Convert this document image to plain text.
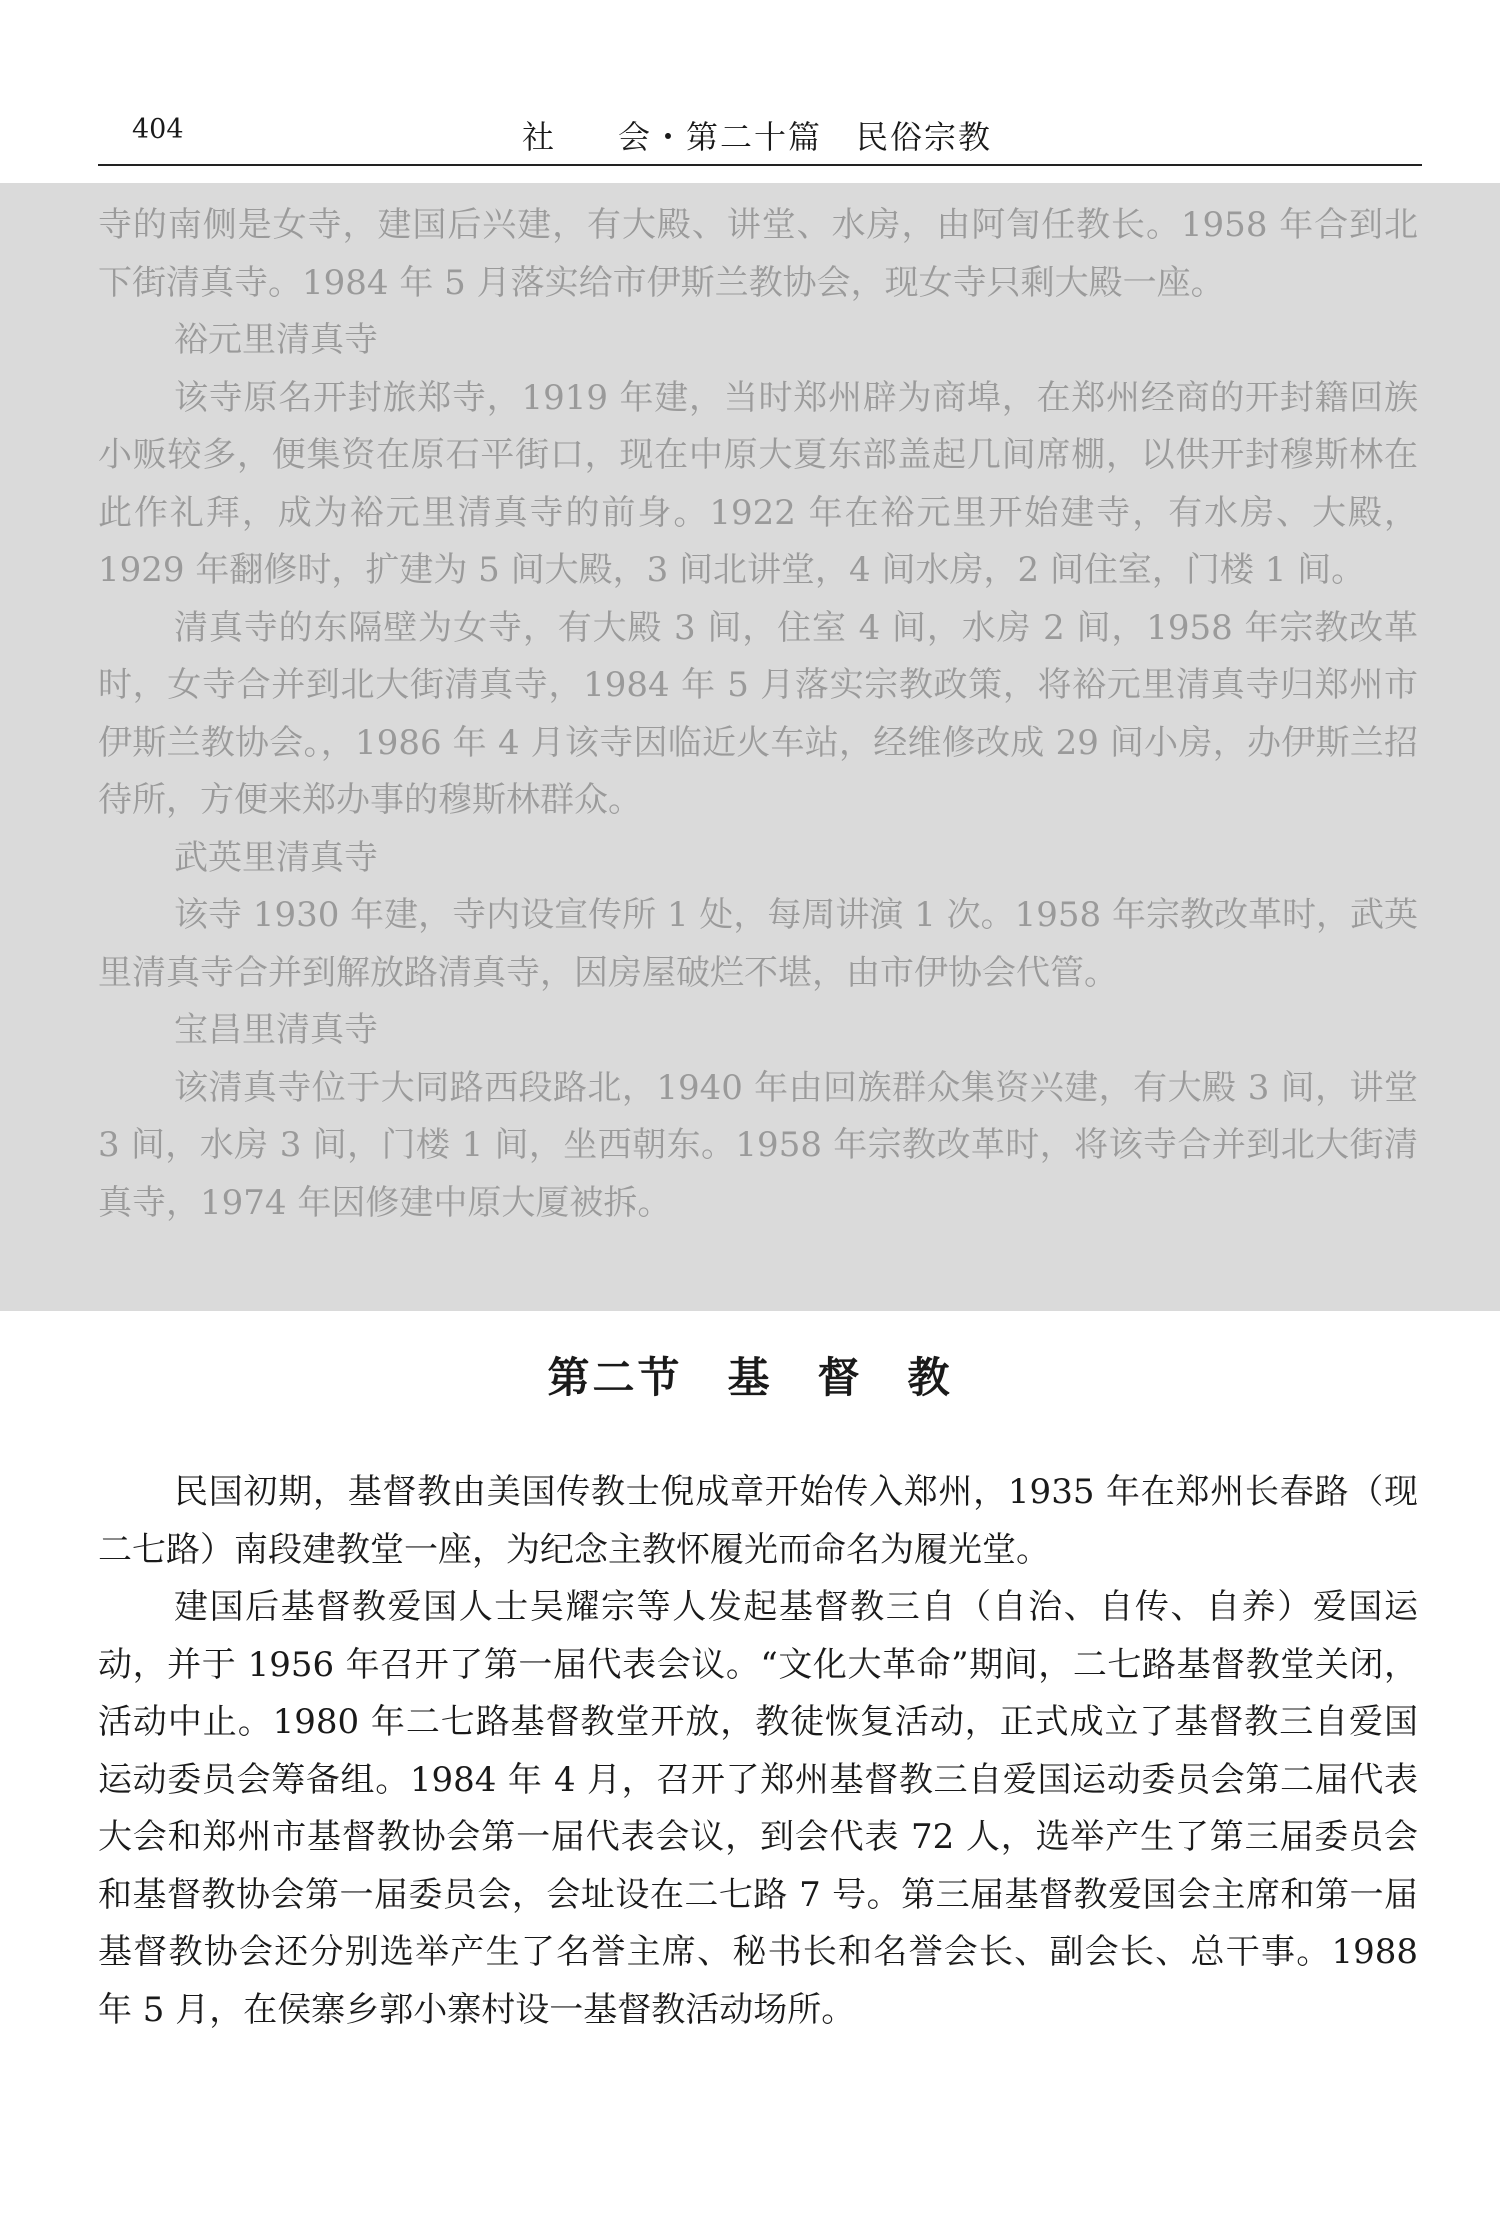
404	社 会・第二十篇　民俗宗教

寺的南侧是女寺，建国后兴建，有大殿、讲堂、水房，由阿訇任教长。1958 年合到北下街清真寺。1984 年 5 月落实给市伊斯兰教协会，现女寺只剩大殿一座。

裕元里清真寺

该寺原名开封旅郑寺，1919 年建，当时郑州辟为商埠，在郑州经商的开封籍回族小贩较多，便集资在原石平街口，现在中原大夏东部盖起几间席棚，以供开封穆斯林在此作礼拜，成为裕元里清真寺的前身。1922 年在裕元里开始建寺，有水房、大殿，1929 年翻修时，扩建为 5 间大殿，3 间北讲堂，4 间水房，2 间住室，门楼 1 间。

清真寺的东隔壁为女寺，有大殿 3 间，住室 4 间，水房 2 间，1958 年宗教改革时，女寺合并到北大街清真寺，1984 年 5 月落实宗教政策，将裕元里清真寺归郑州市伊斯兰教协会。，1986 年 4 月该寺因临近火车站，经维修改成 29 间小房，办伊斯兰招待所，方便来郑办事的穆斯林群众。

武英里清真寺

该寺 1930 年建，寺内设宣传所 1 处，每周讲演 1 次。1958 年宗教改革时，武英里清真寺合并到解放路清真寺，因房屋破烂不堪，由市伊协会代管。

宝昌里清真寺

该清真寺位于大同路西段路北，1940 年由回族群众集资兴建，有大殿 3 间，讲堂 3 间，水房 3 间，门楼 1 间，坐西朝东。1958 年宗教改革时，将该寺合并到北大街清真寺，1974 年因修建中原大厦被拆。

第二节　基　督　教

民国初期，基督教由美国传教士倪成章开始传入郑州，1935 年在郑州长春路（现二七路）南段建教堂一座，为纪念主教怀履光而命名为履光堂。

建国后基督教爱国人士吴耀宗等人发起基督教三自（自治、自传、自养）爱国运动，并于 1956 年召开了第一届代表会议。“文化大革命”期间，二七路基督教堂关闭，活动中止。1980 年二七路基督教堂开放，教徒恢复活动，正式成立了基督教三自爱国运动委员会筹备组。1984 年 4 月，召开了郑州基督教三自爱国运动委员会第二届代表大会和郑州市基督教协会第一届代表会议，到会代表 72 人，选举产生了第三届委员会和基督教协会第一届委员会，会址设在二七路 7 号。第三届基督教爱国会主席和第一届基督教协会还分别选举产生了名誉主席、秘书长和名誉会长、副会长、总干事。1988 年 5 月，在侯寨乡郭小寨村设一基督教活动场所。
